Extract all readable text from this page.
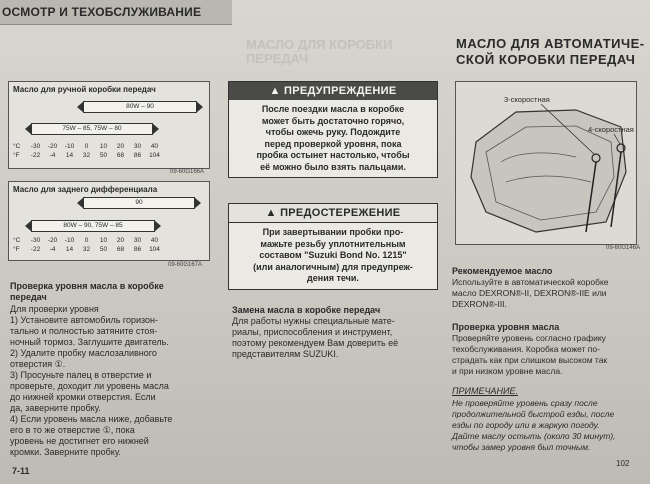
ОСМОТР И ТЕХОБСЛУЖИВАНИЕ
Масло для ручной коробки передач
80W – 90
75W – 85, 75W – 80
°C -30 -20 -10 0 10 20 30 40
°F -22 -4 14 32 50 68 86 104
09-60G166A
Масло для заднего дифференциала
90
80W – 90, 75W – 85
°C -30 -20 -10 0 10 20 30 40
°F -22 -4 14 32 50 68 86 104
09-60G167A
Проверка уровня масла в коробке
передач
Для проверки уровня
1) Установите автомобиль горизон-
тально и полностью затяните стоя-
ночный тормоз. Заглушите двигатель.
2) Удалите пробку маслозаливного
отверстия ①.
3) Просуньте палец в отверстие и
проверьте, доходит ли уровень масла
до нижней кромки отверстия. Если
да, заверните пробку.
4) Если уровень масла ниже, добавьте
его в то же отверстие ①, пока
уровень не достигнет его нижней
кромки. Заверните пробку.
7-11
МАСЛО ДЛЯ КОРОБКИ
ПЕРЕДАЧ
▲ ПРЕДУПРЕЖДЕНИЕ
После поездки масла в коробке
может быть достаточно горячо,
чтобы ожечь руку. Подождите
перед проверкой уровня, пока
пробка остынет настолько, чтобы
её можно было взять пальцами.
▲ ПРЕДОСТЕРЕЖЕНИЕ
При завертывании пробки про-
мажьте резьбу уплотнительным
составом "Suzuki Bond No. 1215"
(или аналогичным) для предупреж-
дения течи.
Замена масла в коробке передач
Для работы нужны специальные мате-
риалы, приспособления и инструмент,
поэтому рекомендуем Вам доверить её
представителям SUZUKI.
МАСЛО ДЛЯ АВТОМАТИЧЕ-
СКОЙ КОРОБКИ ПЕРЕДАЧ
3-скоростная
4-скоростная
09-60G146A
Рекомендуемое масло
Используйте в автоматической коробке
масло DEXRON®-II, DEXRON®-IIE или
DEXRON®-III.
Проверка уровня масла
Проверяйте уровень согласно графику
техобслуживания. Коробка может по-
страдать как при слишком высоком так
и при низком уровне масла.
ПРИМЕЧАНИЕ.
Не проверяйте уровень сразу после
продолжительной быстрой езды, после
езды по городу или в жаркую погоду.
Дайте маслу остыть (около 30 минут),
чтобы замер уровня был точным.
102
